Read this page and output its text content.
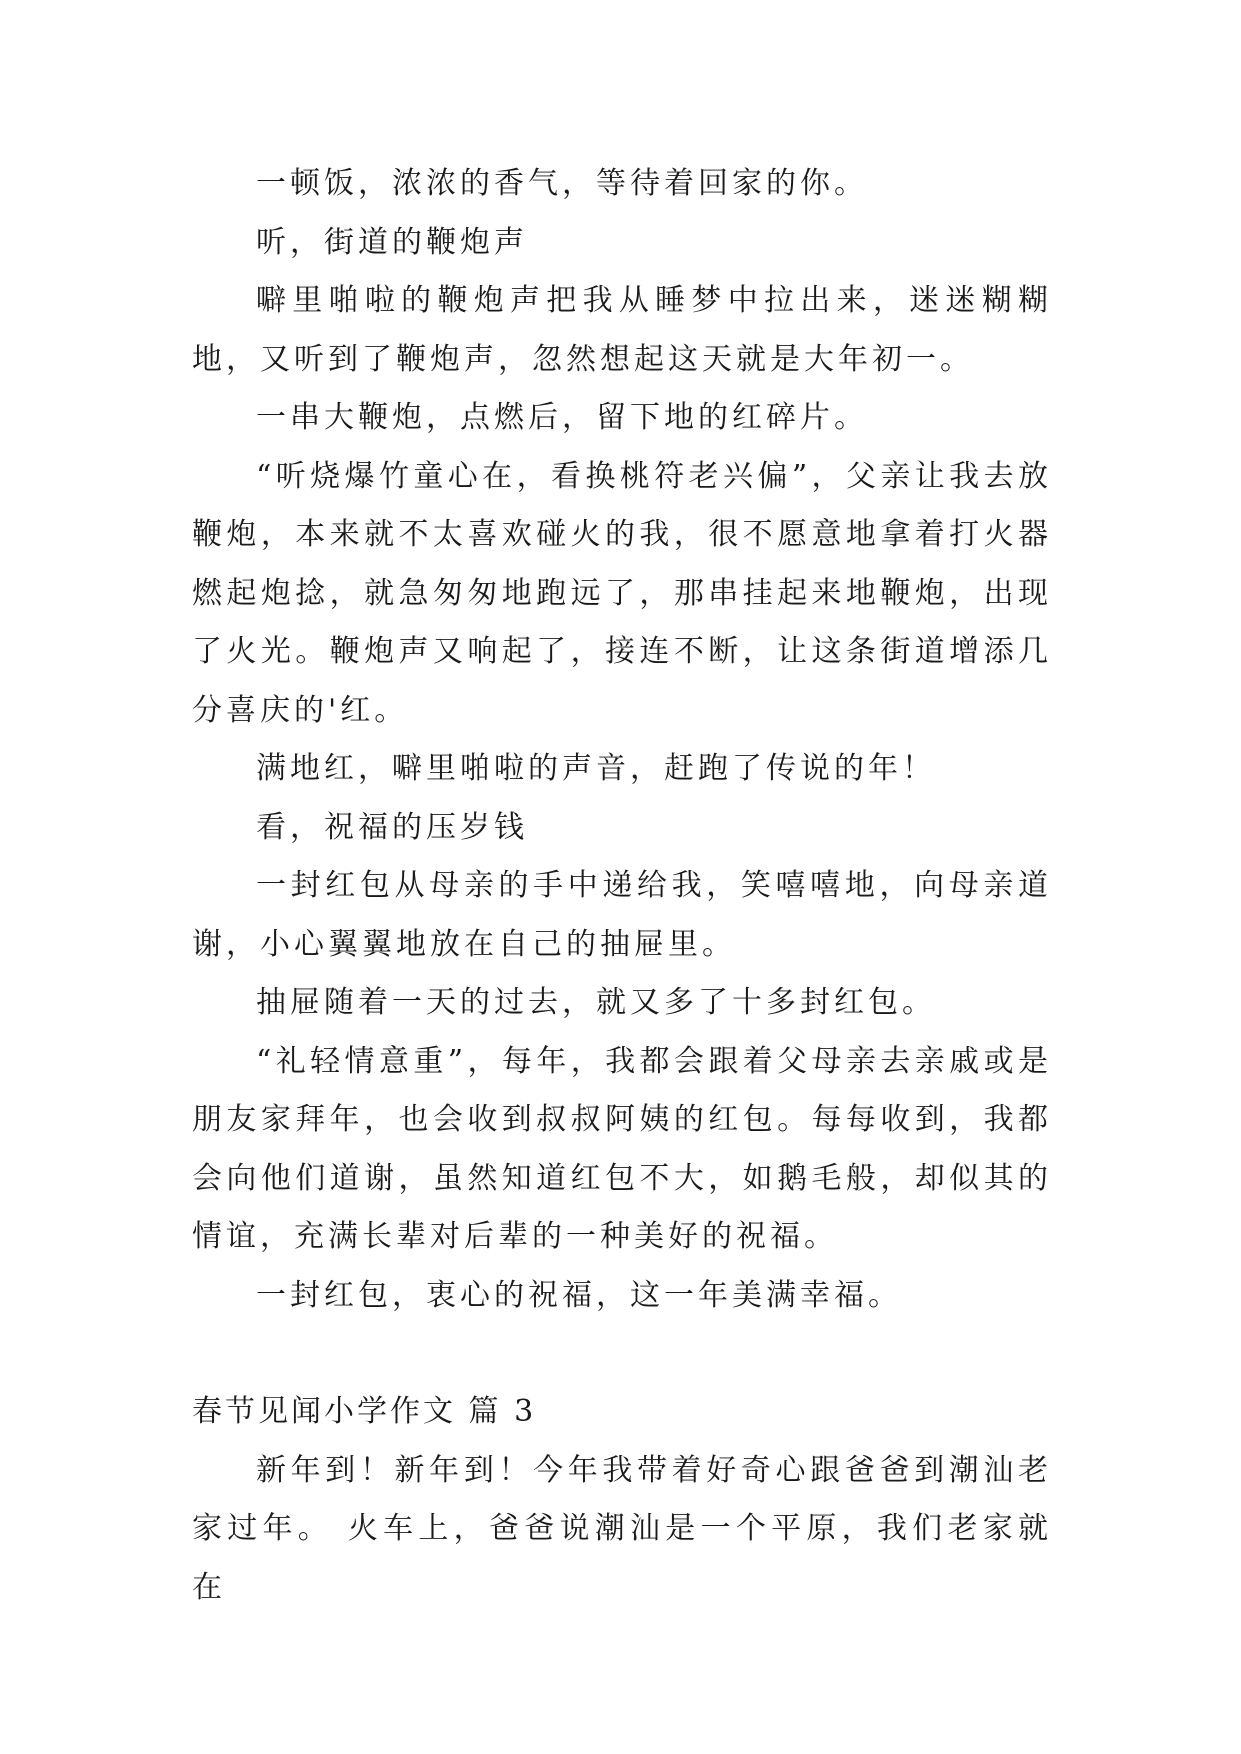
一顿饭，浓浓的香气，等待着回家的你。

听，街道的鞭炮声

噼里啪啦的鞭炮声把我从睡梦中拉出来，迷迷糊糊地，又听到了鞭炮声，忽然想起这天就是大年初一。

一串大鞭炮，点燃后，留下地的红碎片。

“听烧爆竹童心在，看换桃符老兴偏”，父亲让我去放鞭炮，本来就不太喜欢碰火的我，很不愿意地拿着打火器燃起炮捻，就急匆匆地跑远了，那串挂起来地鞭炮，出现了火光。鞭炮声又响起了，接连不断，让这条街道增添几分喜庆的'红。

满地红，噼里啪啦的声音，赶跑了传说的年！

看，祝福的压岁钱

一封红包从母亲的手中递给我，笑嘻嘻地，向母亲道谢，小心翼翼地放在自己的抽屉里。

抽屉随着一天的过去，就又多了十多封红包。

“礼轻情意重”，每年，我都会跟着父母亲去亲戚或是朋友家拜年，也会收到叔叔阿姨的红包。每每收到，我都会向他们道谢，虽然知道红包不大，如鹅毛般，却似其的情谊，充满长辈对后辈的一种美好的祝福。

一封红包，衷心的祝福，这一年美满幸福。

春节见闻小学作文 篇 3

新年到！新年到！今年我带着好奇心跟爸爸到潮汕老家过年。 火车上，爸爸说潮汕是一个平原，我们老家就在
